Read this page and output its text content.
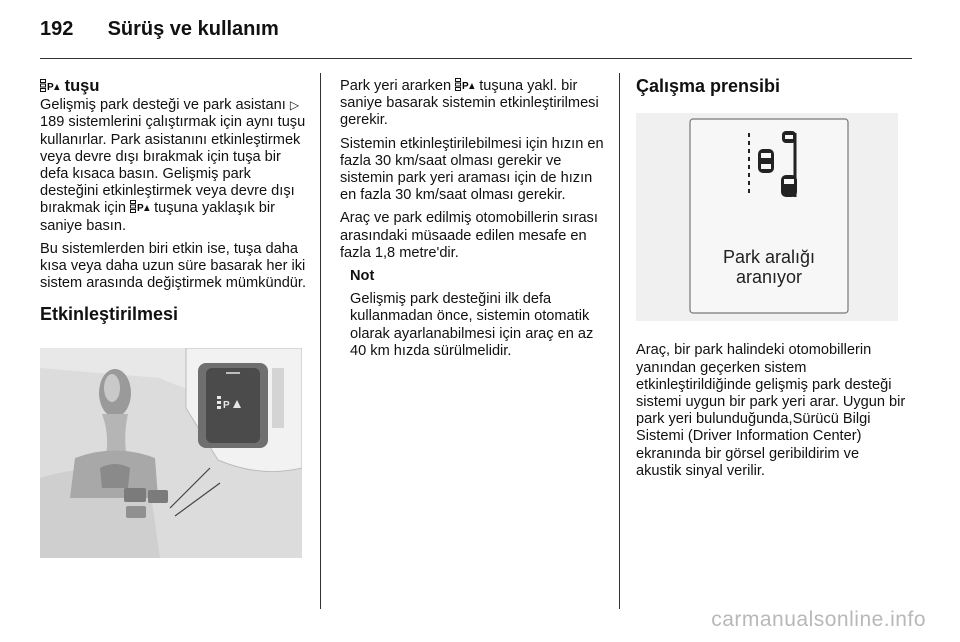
192 Sürüş ve kullanım
P tuşu

Gelişmiş park desteği ve park asistanı ▷ 189 sistemlerini çalıştırmak için aynı tuşu kullanırlar. Park asistanını etkinleştirmek veya devre dışı bırakmak için tuşa bir defa kısaca basın. Gelişmiş park desteğini etkinleştirmek veya devre dışı bırakmak için P tuşuna yaklaşık bir saniye basın.

Bu sistemlerden biri etkin ise, tuşa daha kısa veya daha uzun süre basarak her iki sistem arasında değiştirmek mümkündür.

Etkinleştirilmesi
P

Park yeri ararken P tuşuna yakl. bir saniye basarak sistemin etkinleştirilmesi gerekir.

Sistemin etkinleştirilebilmesi için hızın en fazla 30 km/saat olması gerekir ve sistemin park yeri araması için de hızın en fazla 30 km/saat olması gerekir.

Araç ve park edilmiş otomobillerin sırası arasındaki müsaade edilen mesafe en fazla 1,8 metre'dir.

Not

Gelişmiş park desteğini ilk defa kullanmadan önce, sistemin otomatik olarak ayarlanabilmesi için araç en az 40 km hızda sürülmelidir.

Çalışma prensibi
Park aralığı
aranıyor

Araç, bir park halindeki otomobillerin yanından geçerken sistem etkinleştirildiğinde gelişmiş park desteği sistemi uygun bir park yeri arar. Uygun bir park yeri bulunduğunda,Sürücü Bilgi Sistemi (Driver Information Center) ekranında bir görsel geribildirim ve akustik sinyal verilir.

carmanualsonline.info
